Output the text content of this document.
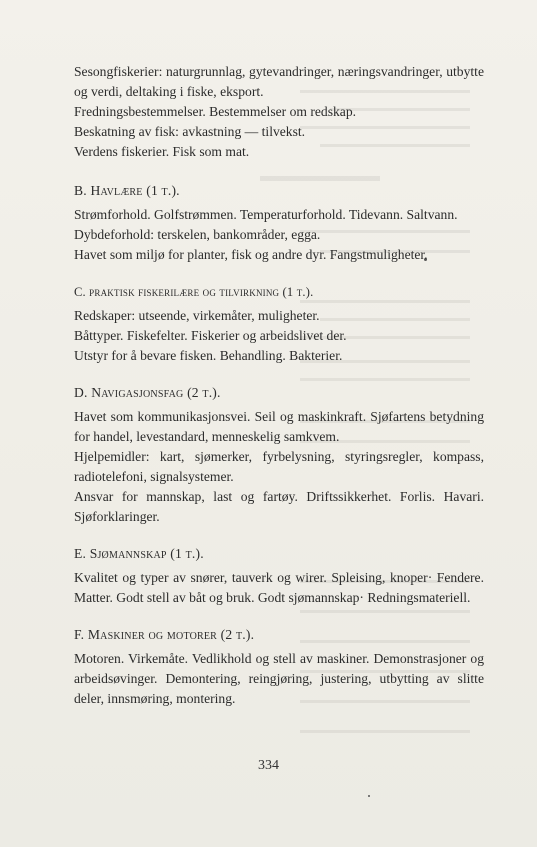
Sesongfiskerier: naturgrunnlag, gytevandringer, næringsvandringer, utbytte og verdi, deltaking i fiske, eksport.

Fredningsbestemmelser. Bestemmelser om redskap.

Beskatning av fisk: avkastning — tilvekst.

Verdens fiskerier. Fisk som mat.

B. Havlære (1 t.).

Strømforhold. Golfstrømmen. Temperaturforhold. Tidevann. Saltvann.

Dybdeforhold: terskelen, bankområder, egga.

Havet som miljø for planter, fisk og andre dyr. Fangstmuligheter.

C. praktisk fiskerilære og tilvirkning (1 t.).

Redskaper: utseende, virkemåter, muligheter.

Båttyper. Fiskefelter. Fiskerier og arbeidslivet der.

Utstyr for å bevare fisken. Behandling. Bakterier.

D. Navigasjonsfag (2 t.).

Havet som kommunikasjonsvei. Seil og maskinkraft. Sjøfartens betydning for handel, levestandard, menneskelig samkvem.

Hjelpemidler: kart, sjømerker, fyrbelysning, styringsregler, kompass, radiotelefoni, signalsystemer.

Ansvar for mannskap, last og fartøy. Driftssikkerhet. Forlis. Havari. Sjøforklaringer.

E. Sjømannskap (1 t.).

Kvalitet og typer av snører, tauverk og wirer. Spleising, knoper· Fendere. Matter. Godt stell av båt og bruk. Godt sjømannskap· Redningsmateriell.

F. Maskiner og motorer (2 t.).

Motoren. Virkemåte. Vedlikhold og stell av maskiner. Demonstrasjoner og arbeidsøvinger. Demontering, reingjøring, justering, utbytting av slitte deler, innsmøring, montering.

334
